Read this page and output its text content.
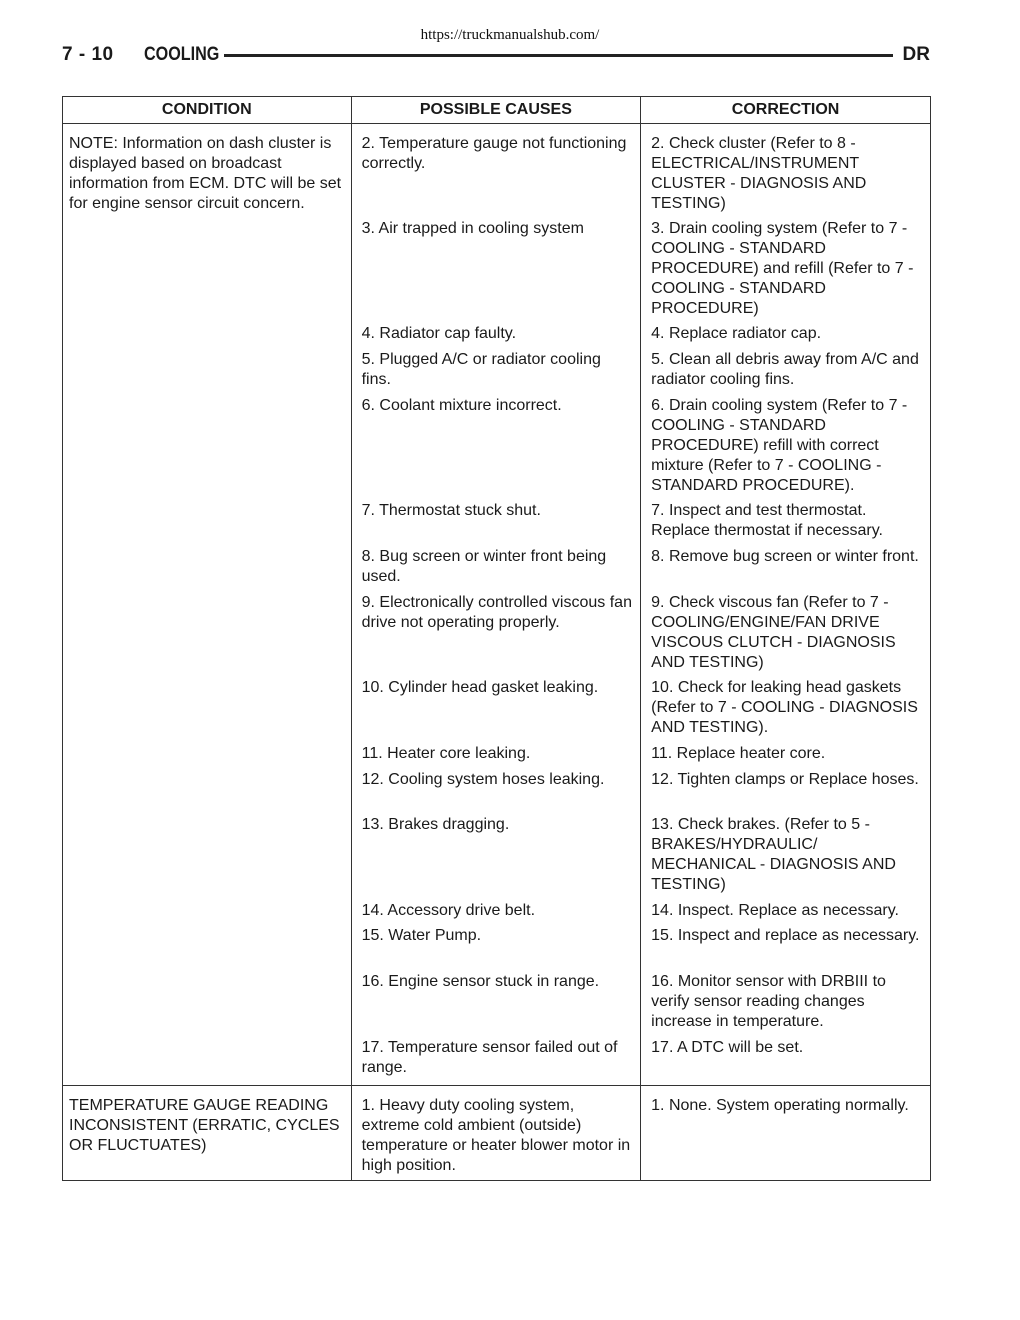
https://truckmanualshub.com/
7 - 10 COOLING	DR
CONDITION	POSSIBLE CAUSES	CORRECTION

NOTE: Information on dash cluster is displayed based on broadcast information from ECM. DTC will be set for engine sensor circuit concern.	2. Temperature gauge not functioning correctly.	2. Check cluster (Refer to 8 - ELECTRICAL/INSTRUMENT CLUSTER - DIAGNOSIS AND TESTING)

	3. Air trapped in cooling system	3. Drain cooling system (Refer to 7 - COOLING - STANDARD PROCEDURE) and refill (Refer to 7 - COOLING - STANDARD PROCEDURE)

	4. Radiator cap faulty.	4. Replace radiator cap.

	5. Plugged A/C or radiator cooling fins.	5. Clean all debris away from A/C and radiator cooling fins.

	6. Coolant mixture incorrect.	6. Drain cooling system (Refer to 7 - COOLING - STANDARD PROCEDURE) refill with correct mixture (Refer to 7 - COOLING - STANDARD PROCEDURE).

	7. Thermostat stuck shut.	7. Inspect and test thermostat. Replace thermostat if necessary.

	8. Bug screen or winter front being used.	8. Remove bug screen or winter front.

	9. Electronically controlled viscous fan drive not operating properly.	9. Check viscous fan (Refer to 7 - COOLING/ENGINE/FAN DRIVE VISCOUS CLUTCH - DIAGNOSIS AND TESTING)

	10. Cylinder head gasket leaking.	10. Check for leaking head gaskets (Refer to 7 - COOLING - DIAGNOSIS AND TESTING).

	11. Heater core leaking.	11. Replace heater core.

	12. Cooling system hoses leaking.	12. Tighten clamps or Replace hoses.

	13. Brakes dragging.	13. Check brakes. (Refer to 5 - BRAKES/HYDRAULIC/ MECHANICAL - DIAGNOSIS AND TESTING)

	14. Accessory drive belt.	14. Inspect. Replace as necessary.

	15. Water Pump.	15. Inspect and replace as necessary.

	16. Engine sensor stuck in range.	16. Monitor sensor with DRBIII to verify sensor reading changes increase in temperature.

	17. Temperature sensor failed out of range.	17. A DTC will be set.

TEMPERATURE GAUGE READING INCONSISTENT (ERRATIC, CYCLES OR FLUCTUATES)	1. Heavy duty cooling system, extreme cold ambient (outside) temperature or heater blower motor in high position.	1. None. System operating normally.
